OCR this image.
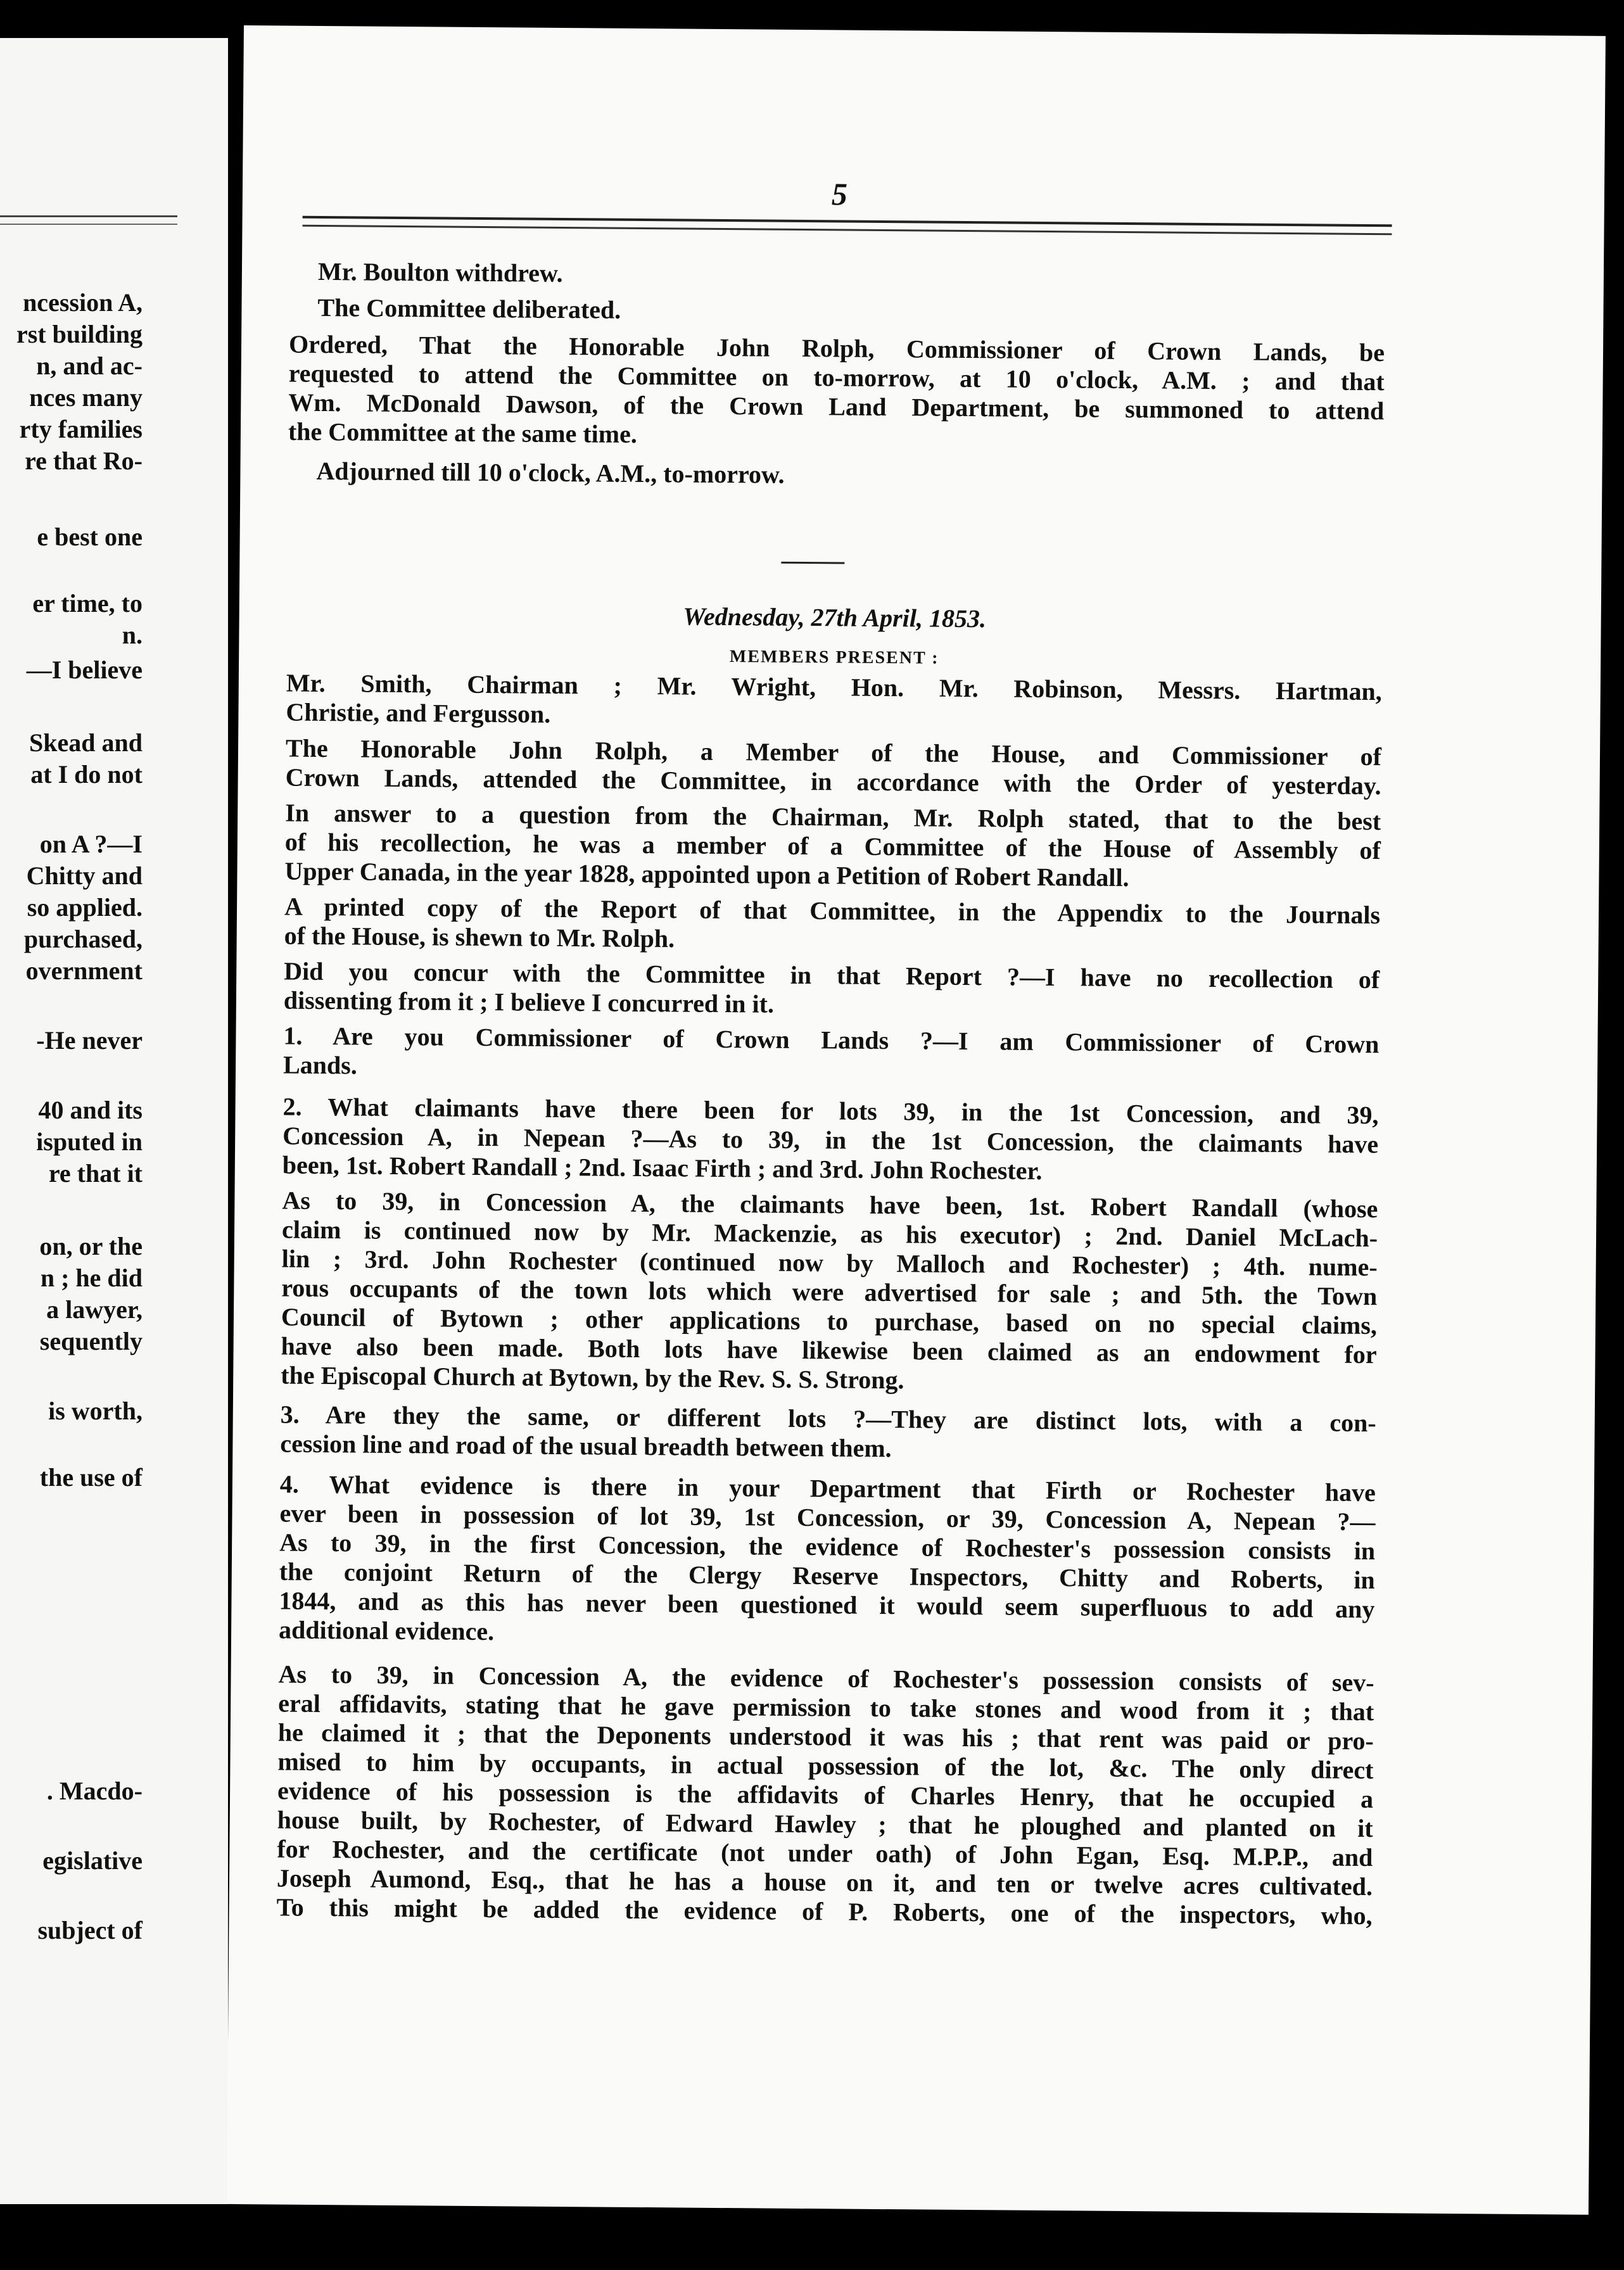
ncession A,
rst building
n, and ac-
nces many
rty families
re that Ro-
e best one
er time, to
n.
—I believe
Skead and
at I do not
on A ?—I
Chitty and
so applied.
purchased,
overnment
-He never
40 and its
isputed in
re that it
on, or the
n ; he did
a lawyer,
sequently
is worth,
the use of
. Macdo-
egislative
subject of
5
Mr. Boulton withdrew.
The Committee deliberated.
Ordered, That the Honorable John Rolph, Commissioner of Crown Lands, be
requested to attend the Committee on to-morrow, at 10 o'clock, A.M. ; and that
Wm. McDonald Dawson, of the Crown Land Department, be summoned to attend
the Committee at the same time.
Adjourned till 10 o'clock, A.M., to-morrow.
Wednesday, 27th April, 1853.
MEMBERS PRESENT :
Mr. Smith, Chairman ; Mr. Wright, Hon. Mr. Robinson, Messrs. Hartman,
Christie, and Fergusson.
The Honorable John Rolph, a Member of the House, and Commissioner of
Crown Lands, attended the Committee, in accordance with the Order of yesterday.
In answer to a question from the Chairman, Mr. Rolph stated, that to the best
of his recollection, he was a member of a Committee of the House of Assembly of
Upper Canada, in the year 1828, appointed upon a Petition of Robert Randall.
A printed copy of the Report of that Committee, in the Appendix to the Journals
of the House, is shewn to Mr. Rolph.
Did you concur with the Committee in that Report ?—I have no recollection of
dissenting from it ; I believe I concurred in it.
1. Are you Commissioner of Crown Lands ?—I am Commissioner of Crown
Lands.
2. What claimants have there been for lots 39, in the 1st Concession, and 39,
Concession A, in Nepean ?—As to 39, in the 1st Concession, the claimants have
been, 1st. Robert Randall ; 2nd. Isaac Firth ; and 3rd. John Rochester.
As to 39, in Concession A, the claimants have been, 1st. Robert Randall (whose
claim is continued now by Mr. Mackenzie, as his executor) ; 2nd. Daniel McLach-
lin ; 3rd. John Rochester (continued now by Malloch and Rochester) ; 4th. nume-
rous occupants of the town lots which were advertised for sale ; and 5th. the Town
Council of Bytown ; other applications to purchase, based on no special claims,
have also been made. Both lots have likewise been claimed as an endowment for
the Episcopal Church at Bytown, by the Rev. S. S. Strong.
3. Are they the same, or different lots ?—They are distinct lots, with a con-
cession line and road of the usual breadth between them.
4. What evidence is there in your Department that Firth or Rochester have
ever been in possession of lot 39, 1st Concession, or 39, Concession A, Nepean ?—
As to 39, in the first Concession, the evidence of Rochester's possession consists in
the conjoint Return of the Clergy Reserve Inspectors, Chitty and Roberts, in
1844, and as this has never been questioned it would seem superfluous to add any
additional evidence.
As to 39, in Concession A, the evidence of Rochester's possession consists of sev-
eral affidavits, stating that he gave permission to take stones and wood from it ; that
he claimed it ; that the Deponents understood it was his ; that rent was paid or pro-
mised to him by occupants, in actual possession of the lot, &c. The only direct
evidence of his possession is the affidavits of Charles Henry, that he occupied a
house built, by Rochester, of Edward Hawley ; that he ploughed and planted on it
for Rochester, and the certificate (not under oath) of John Egan, Esq. M.P.P., and
Joseph Aumond, Esq., that he has a house on it, and ten or twelve acres cultivated.
To this might be added the evidence of P. Roberts, one of the inspectors, who,
